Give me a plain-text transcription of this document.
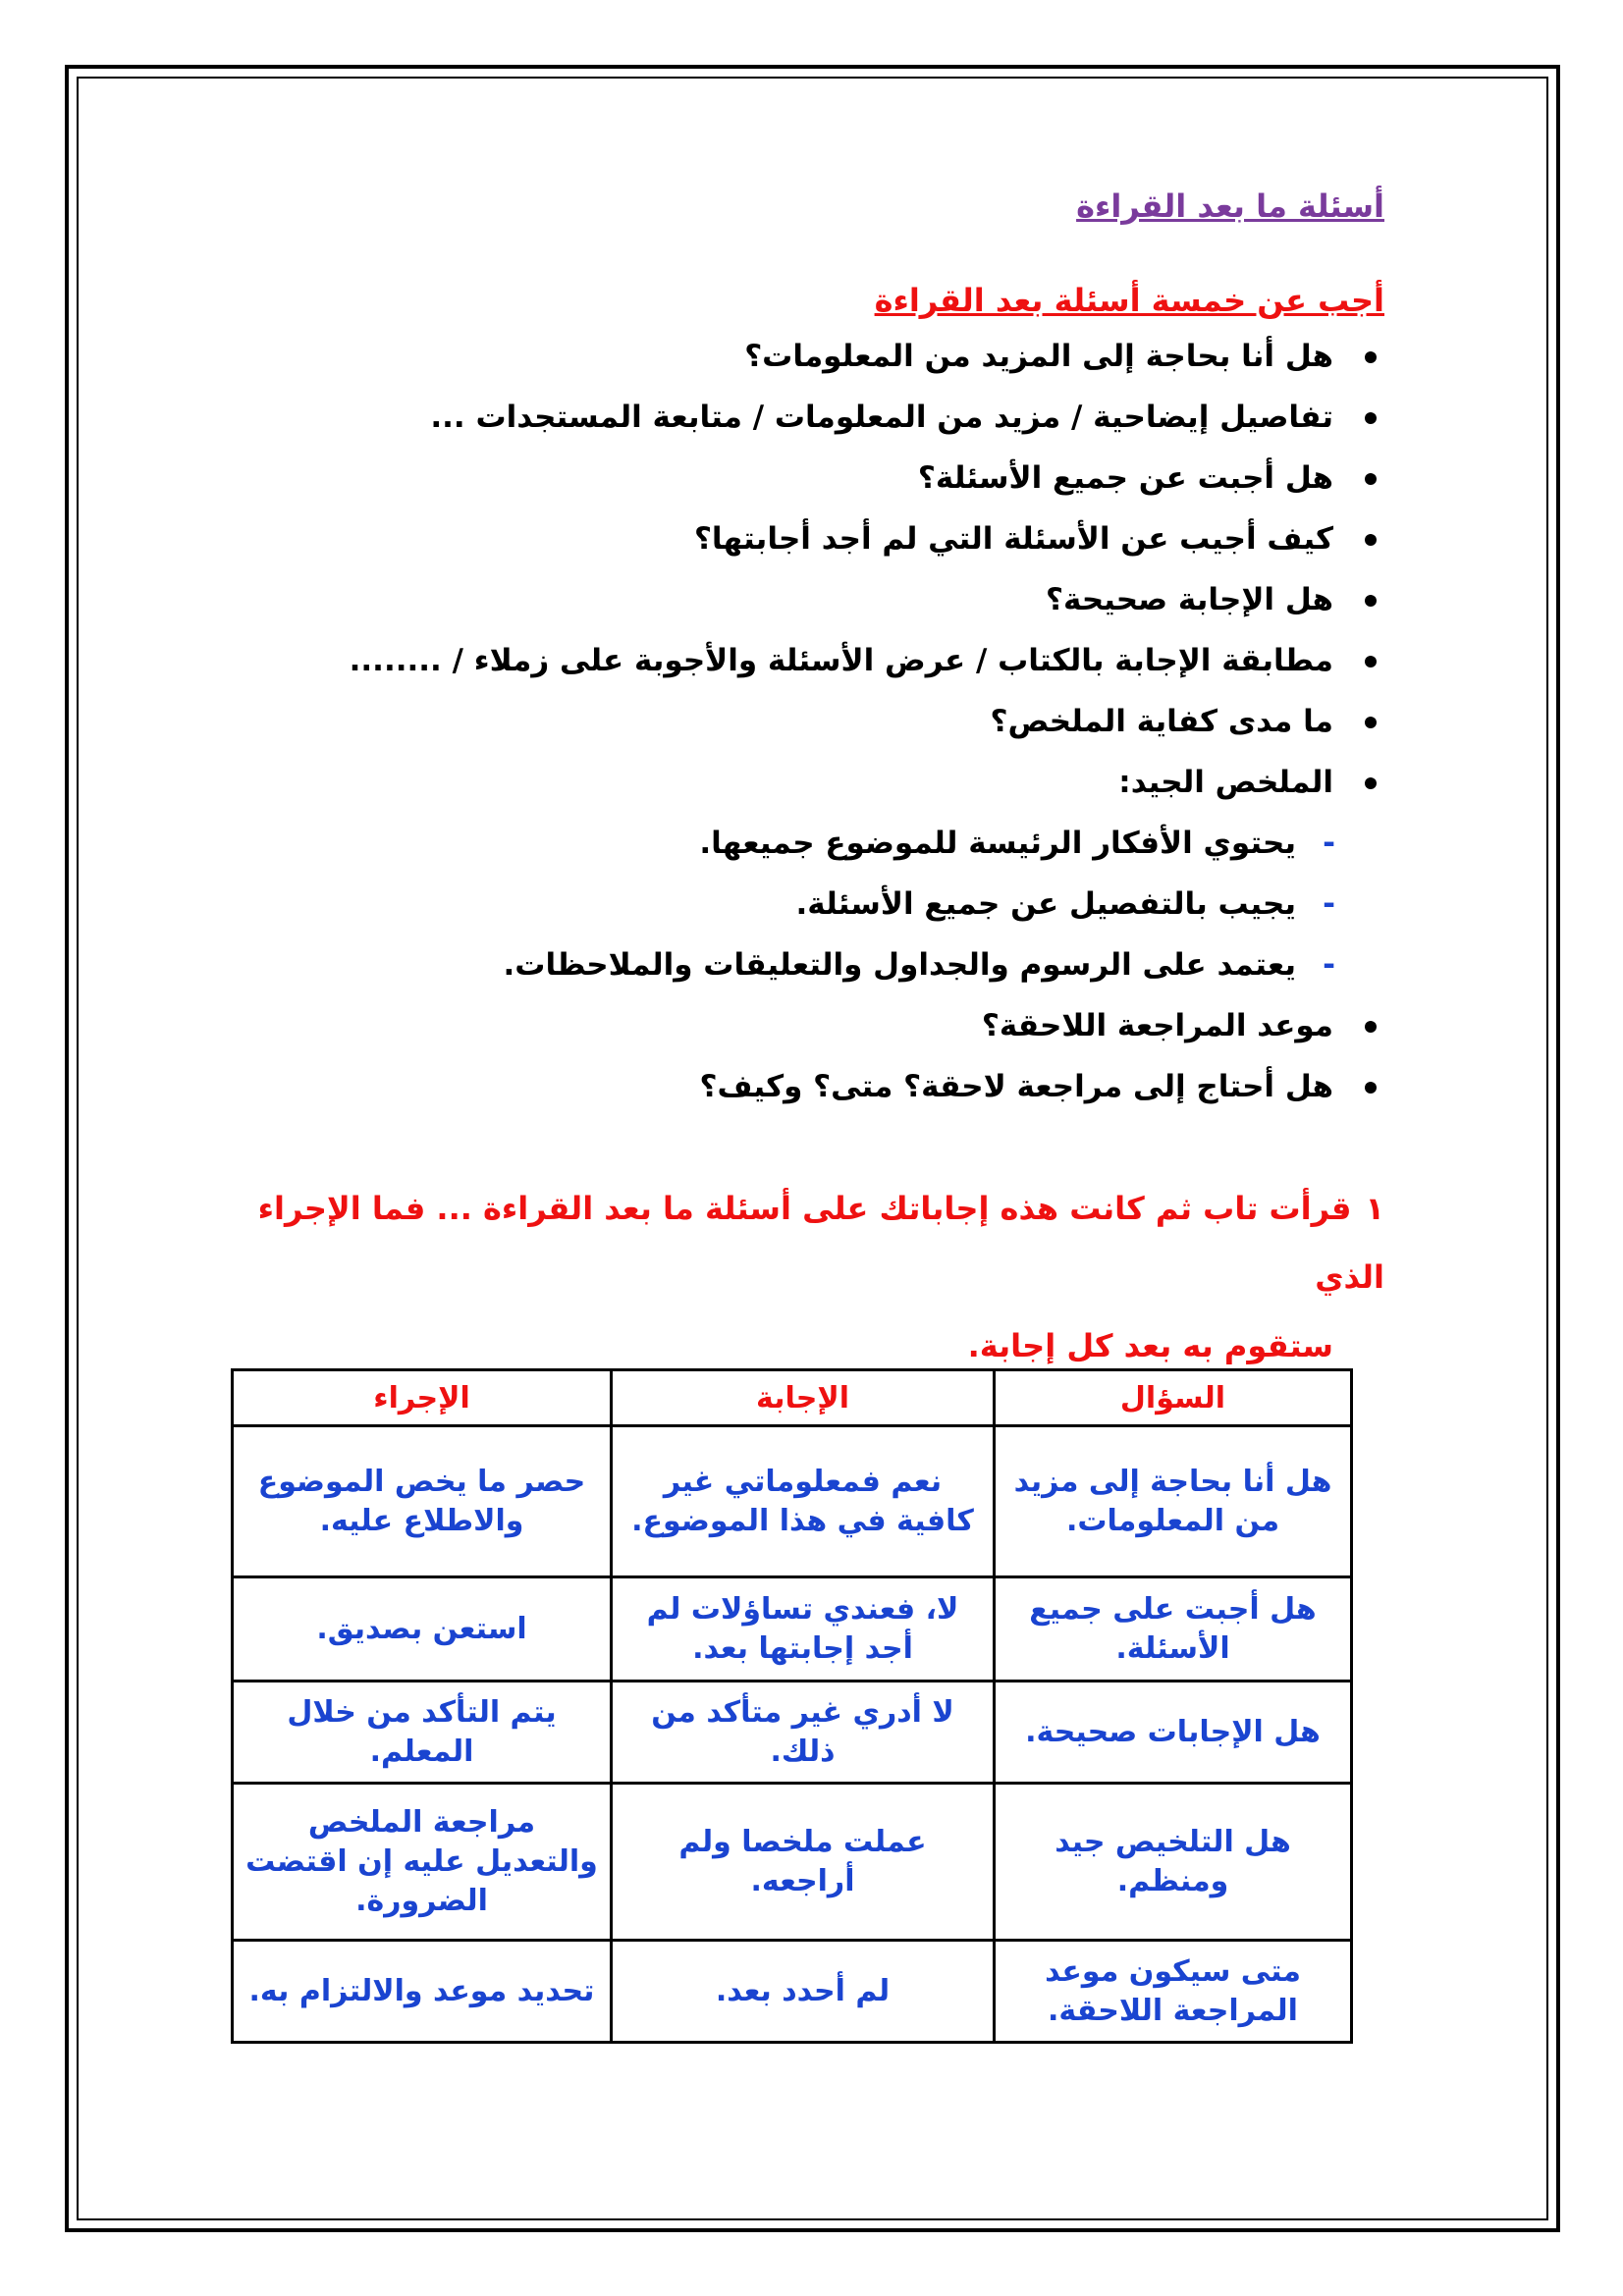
أسئلة ما بعد القراءة
أجب عن خمسة أسئلة بعد القراءة
هل أنا بحاجة إلى المزيد من المعلومات؟
تفاصيل إيضاحية / مزيد من المعلومات / متابعة المستجدات ...
هل أجبت عن جميع الأسئلة؟
كيف أجيب عن الأسئلة التي لم أجد أجابتها؟
هل الإجابة صحيحة؟
مطابقة الإجابة بالكتاب / عرض الأسئلة والأجوبة على زملاء / ........
ما مدى كفاية الملخص؟
الملخص الجيد:
-
يحتوي الأفكار الرئيسة للموضوع جميعها.
-
يجيب بالتفصيل عن جميع الأسئلة.
-
يعتمد على الرسوم والجداول والتعليقات والملاحظات.
موعد المراجعة اللاحقة؟
هل أحتاج إلى مراجعة لاحقة؟ متى؟ وكيف؟
١قرأت تاب ثم كانت هذه إجاباتك على أسئلة ما بعد القراءة ... فما الإجراء الذي
ستقوم به بعد كل إجابة.
السؤال	الإجابة	الإجراء
هل أنا بحاجة إلى مزيد من المعلومات.	نعم فمعلوماتي غير كافية في هذا الموضوع.	حصر ما يخص الموضوع والاطلاع عليه.
هل أجبت على جميع الأسئلة.	لا، فعندي تساؤلات لم أجد إجابتها بعد.	استعن بصديق.
هل الإجابات صحيحة.	لا أدري غير متأكد من ذلك.	يتم التأكد من خلال المعلم.
هل التلخيص جيد ومنظم.	عملت ملخصا ولم أراجعه.	مراجعة الملخص والتعديل عليه إن اقتضت الضرورة.
متى سيكون موعد المراجعة اللاحقة.	لم أحدد بعد.	تحديد موعد والالتزام به.
